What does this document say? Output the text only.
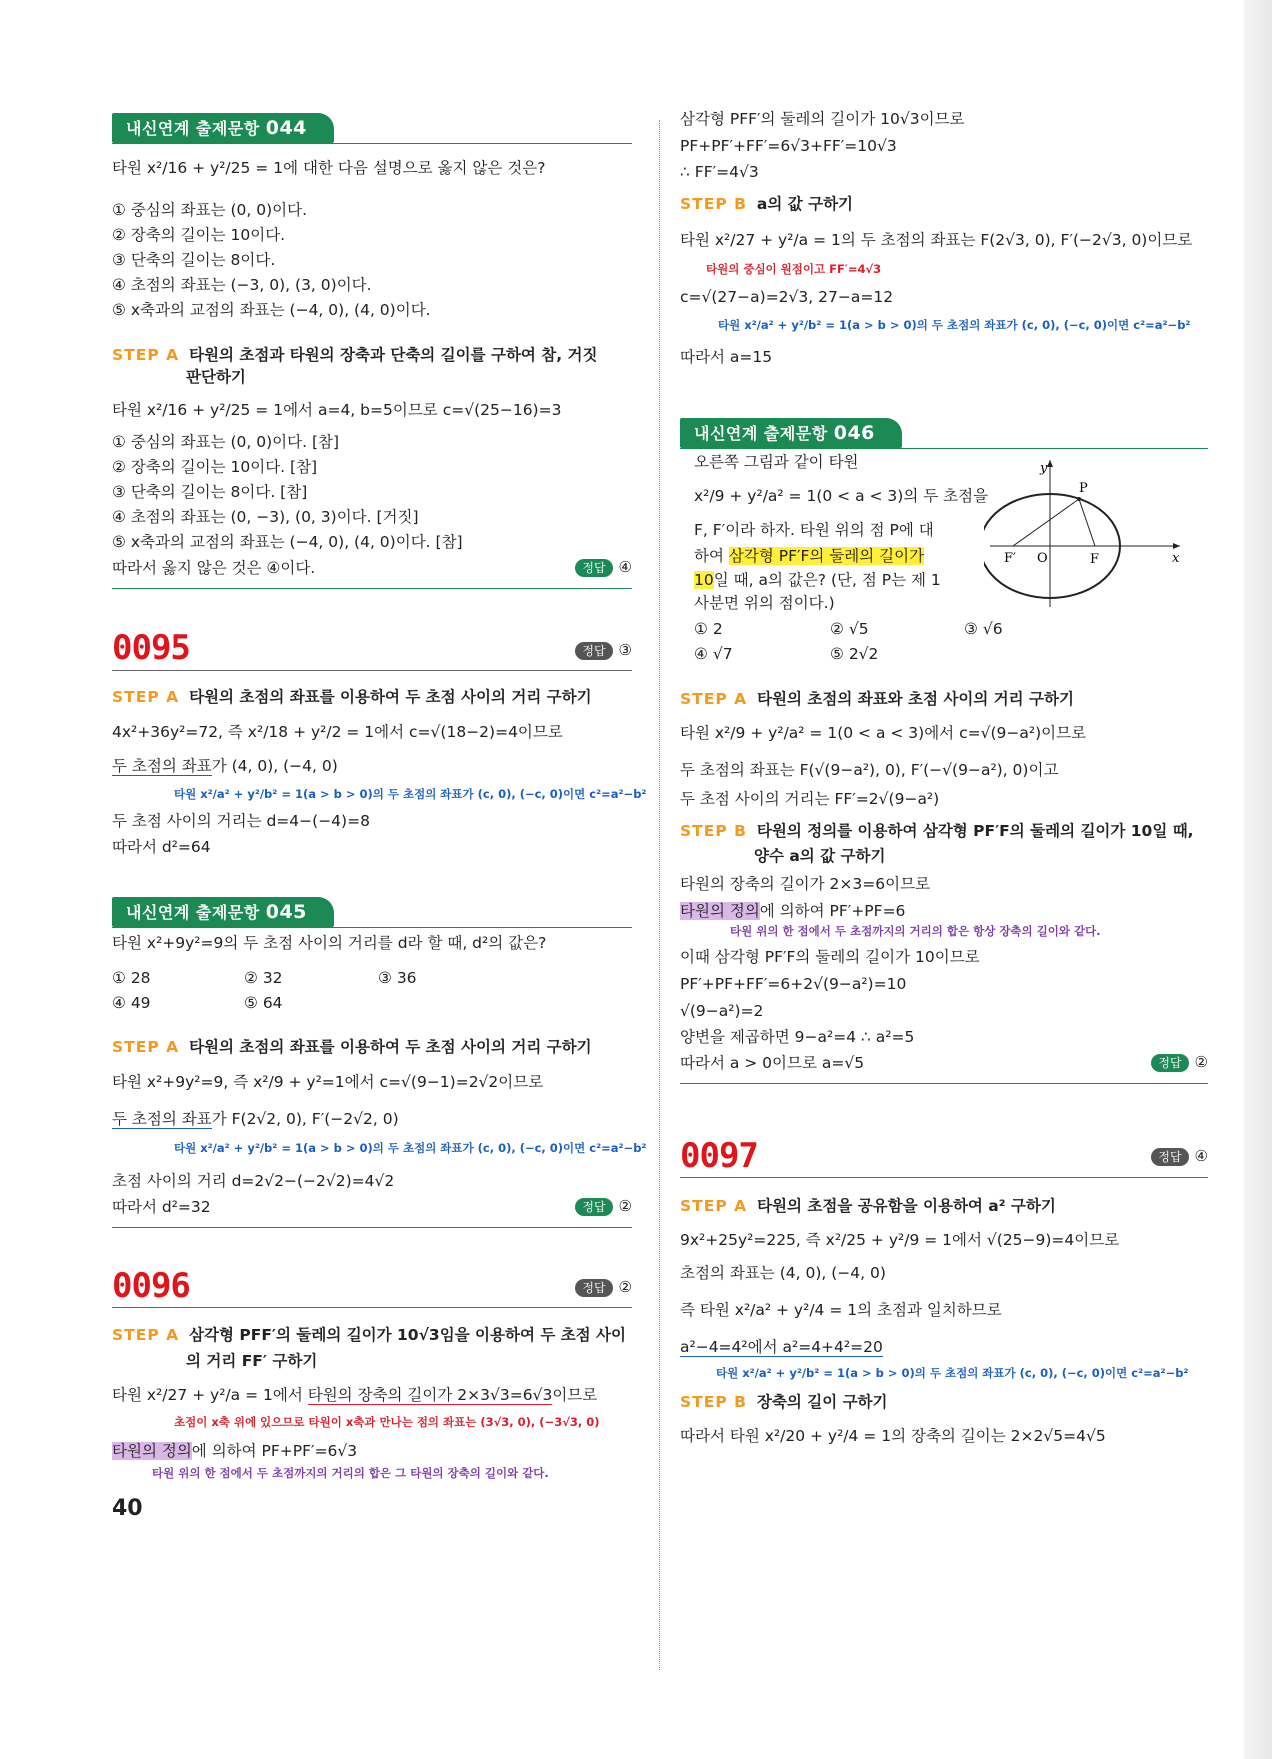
내신연계 출제문항 044
타원 x²/16 + y²/25 = 1에 대한 다음 설명으로 옳지 않은 것은?
① 중심의 좌표는 (0, 0)이다.
② 장축의 길이는 10이다.
③ 단축의 길이는 8이다.
④ 초점의 좌표는 (−3, 0), (3, 0)이다.
⑤ x축과의 교점의 좌표는 (−4, 0), (4, 0)이다.
STEP A 타원의 초점과 타원의 장축과 단축의 길이를 구하여 참, 거짓
판단하기
타원 x²/16 + y²/25 = 1에서 a=4, b=5이므로 c=√(25−16)=3
① 중심의 좌표는 (0, 0)이다. [참]
② 장축의 길이는 10이다. [참]
③ 단축의 길이는 8이다. [참]
④ 초점의 좌표는 (0, −3), (0, 3)이다. [거짓]
⑤ x축과의 교점의 좌표는 (−4, 0), (4, 0)이다. [참]
따라서 옳지 않은 것은 ④이다.	정답 ④
0095	정답 ③
STEP A 타원의 초점의 좌표를 이용하여 두 초점 사이의 거리 구하기
4x²+36y²=72, 즉 x²/18 + y²/2 = 1에서 c=√(18−2)=4이므로
두 초점의 좌표가 (4, 0), (−4, 0)
타원 x²/a² + y²/b² = 1(a > b > 0)의 두 초점의 좌표가 (c, 0), (−c, 0)이면 c²=a²−b²
두 초점 사이의 거리는 d=4−(−4)=8
따라서 d²=64
내신연계 출제문항 045
타원 x²+9y²=9의 두 초점 사이의 거리를 d라 할 때, d²의 값은?
① 28	② 32	③ 36
④ 49	⑤ 64
STEP A 타원의 초점의 좌표를 이용하여 두 초점 사이의 거리 구하기
타원 x²+9y²=9, 즉 x²/9 + y²=1에서 c=√(9−1)=2√2이므로
두 초점의 좌표가 F(2√2, 0), F′(−2√2, 0)
타원 x²/a² + y²/b² = 1(a > b > 0)의 두 초점의 좌표가 (c, 0), (−c, 0)이면 c²=a²−b²
초점 사이의 거리 d=2√2−(−2√2)=4√2
따라서 d²=32	정답 ②
0096	정답 ②
STEP A 삼각형 PFF′의 둘레의 길이가 10√3임을 이용하여 두 초점 사이
의 거리 FF′ 구하기
타원 x²/27 + y²/a = 1에서 타원의 장축의 길이가 2×3√3=6√3이므로
초점이 x축 위에 있으므로 타원이 x축과 만나는 점의 좌표는 (3√3, 0), (−3√3, 0)
타원의 정의에 의하여 PF+PF′=6√3
타원 위의 한 점에서 두 초점까지의 거리의 합은 그 타원의 장축의 길이와 같다.
40
삼각형 PFF′의 둘레의 길이가 10√3이므로
PF+PF′+FF′=6√3+FF′=10√3
∴ FF′=4√3
STEP B a의 값 구하기
타원 x²/27 + y²/a = 1의 두 초점의 좌표는 F(2√3, 0), F′(−2√3, 0)이므로
타원의 중심이 원점이고 FF′=4√3
c=√(27−a)=2√3, 27−a=12
타원 x²/a² + y²/b² = 1(a > b > 0)의 두 초점의 좌표가 (c, 0), (−c, 0)이면 c²=a²−b²
따라서 a=15
내신연계 출제문항 046
오른쪽 그림과 같이 타원
x²/9 + y²/a² = 1(0 < a < 3)의 두 초점을
F, F′이라 하자. 타원 위의 점 P에 대
하여 삼각형 PF′F의 둘레의 길이가
10일 때, a의 값은? (단, 점 P는 제 1
사분면 위의 점이다.)
① 2	② √5	③ √6
④ √7	⑤ 2√2
y
x
P
F′ O	F
STEP A 타원의 초점의 좌표와 초점 사이의 거리 구하기
타원 x²/9 + y²/a² = 1(0 < a < 3)에서 c=√(9−a²)이므로
두 초점의 좌표는 F(√(9−a²), 0), F′(−√(9−a²), 0)이고
두 초점 사이의 거리는 FF′=2√(9−a²)
STEP B 타원의 정의를 이용하여 삼각형 PF′F의 둘레의 길이가 10일 때,
양수 a의 값 구하기
타원의 장축의 길이가 2×3=6이므로
타원의 정의에 의하여 PF′+PF=6
타원 위의 한 점에서 두 초점까지의 거리의 합은 항상 장축의 길이와 같다.
이때 삼각형 PF′F의 둘레의 길이가 10이므로
PF′+PF+FF′=6+2√(9−a²)=10
√(9−a²)=2
양변을 제곱하면 9−a²=4 ∴ a²=5
따라서 a > 0이므로 a=√5	정답 ②
0097	정답 ④
STEP A 타원의 초점을 공유함을 이용하여 a² 구하기
9x²+25y²=225, 즉 x²/25 + y²/9 = 1에서 √(25−9)=4이므로
초점의 좌표는 (4, 0), (−4, 0)
즉 타원 x²/a² + y²/4 = 1의 초점과 일치하므로
a²−4=4²에서 a²=4+4²=20
타원 x²/a² + y²/b² = 1(a > b > 0)의 두 초점의 좌표가 (c, 0), (−c, 0)이면 c²=a²−b²
STEP B 장축의 길이 구하기
따라서 타원 x²/20 + y²/4 = 1의 장축의 길이는 2×2√5=4√5
